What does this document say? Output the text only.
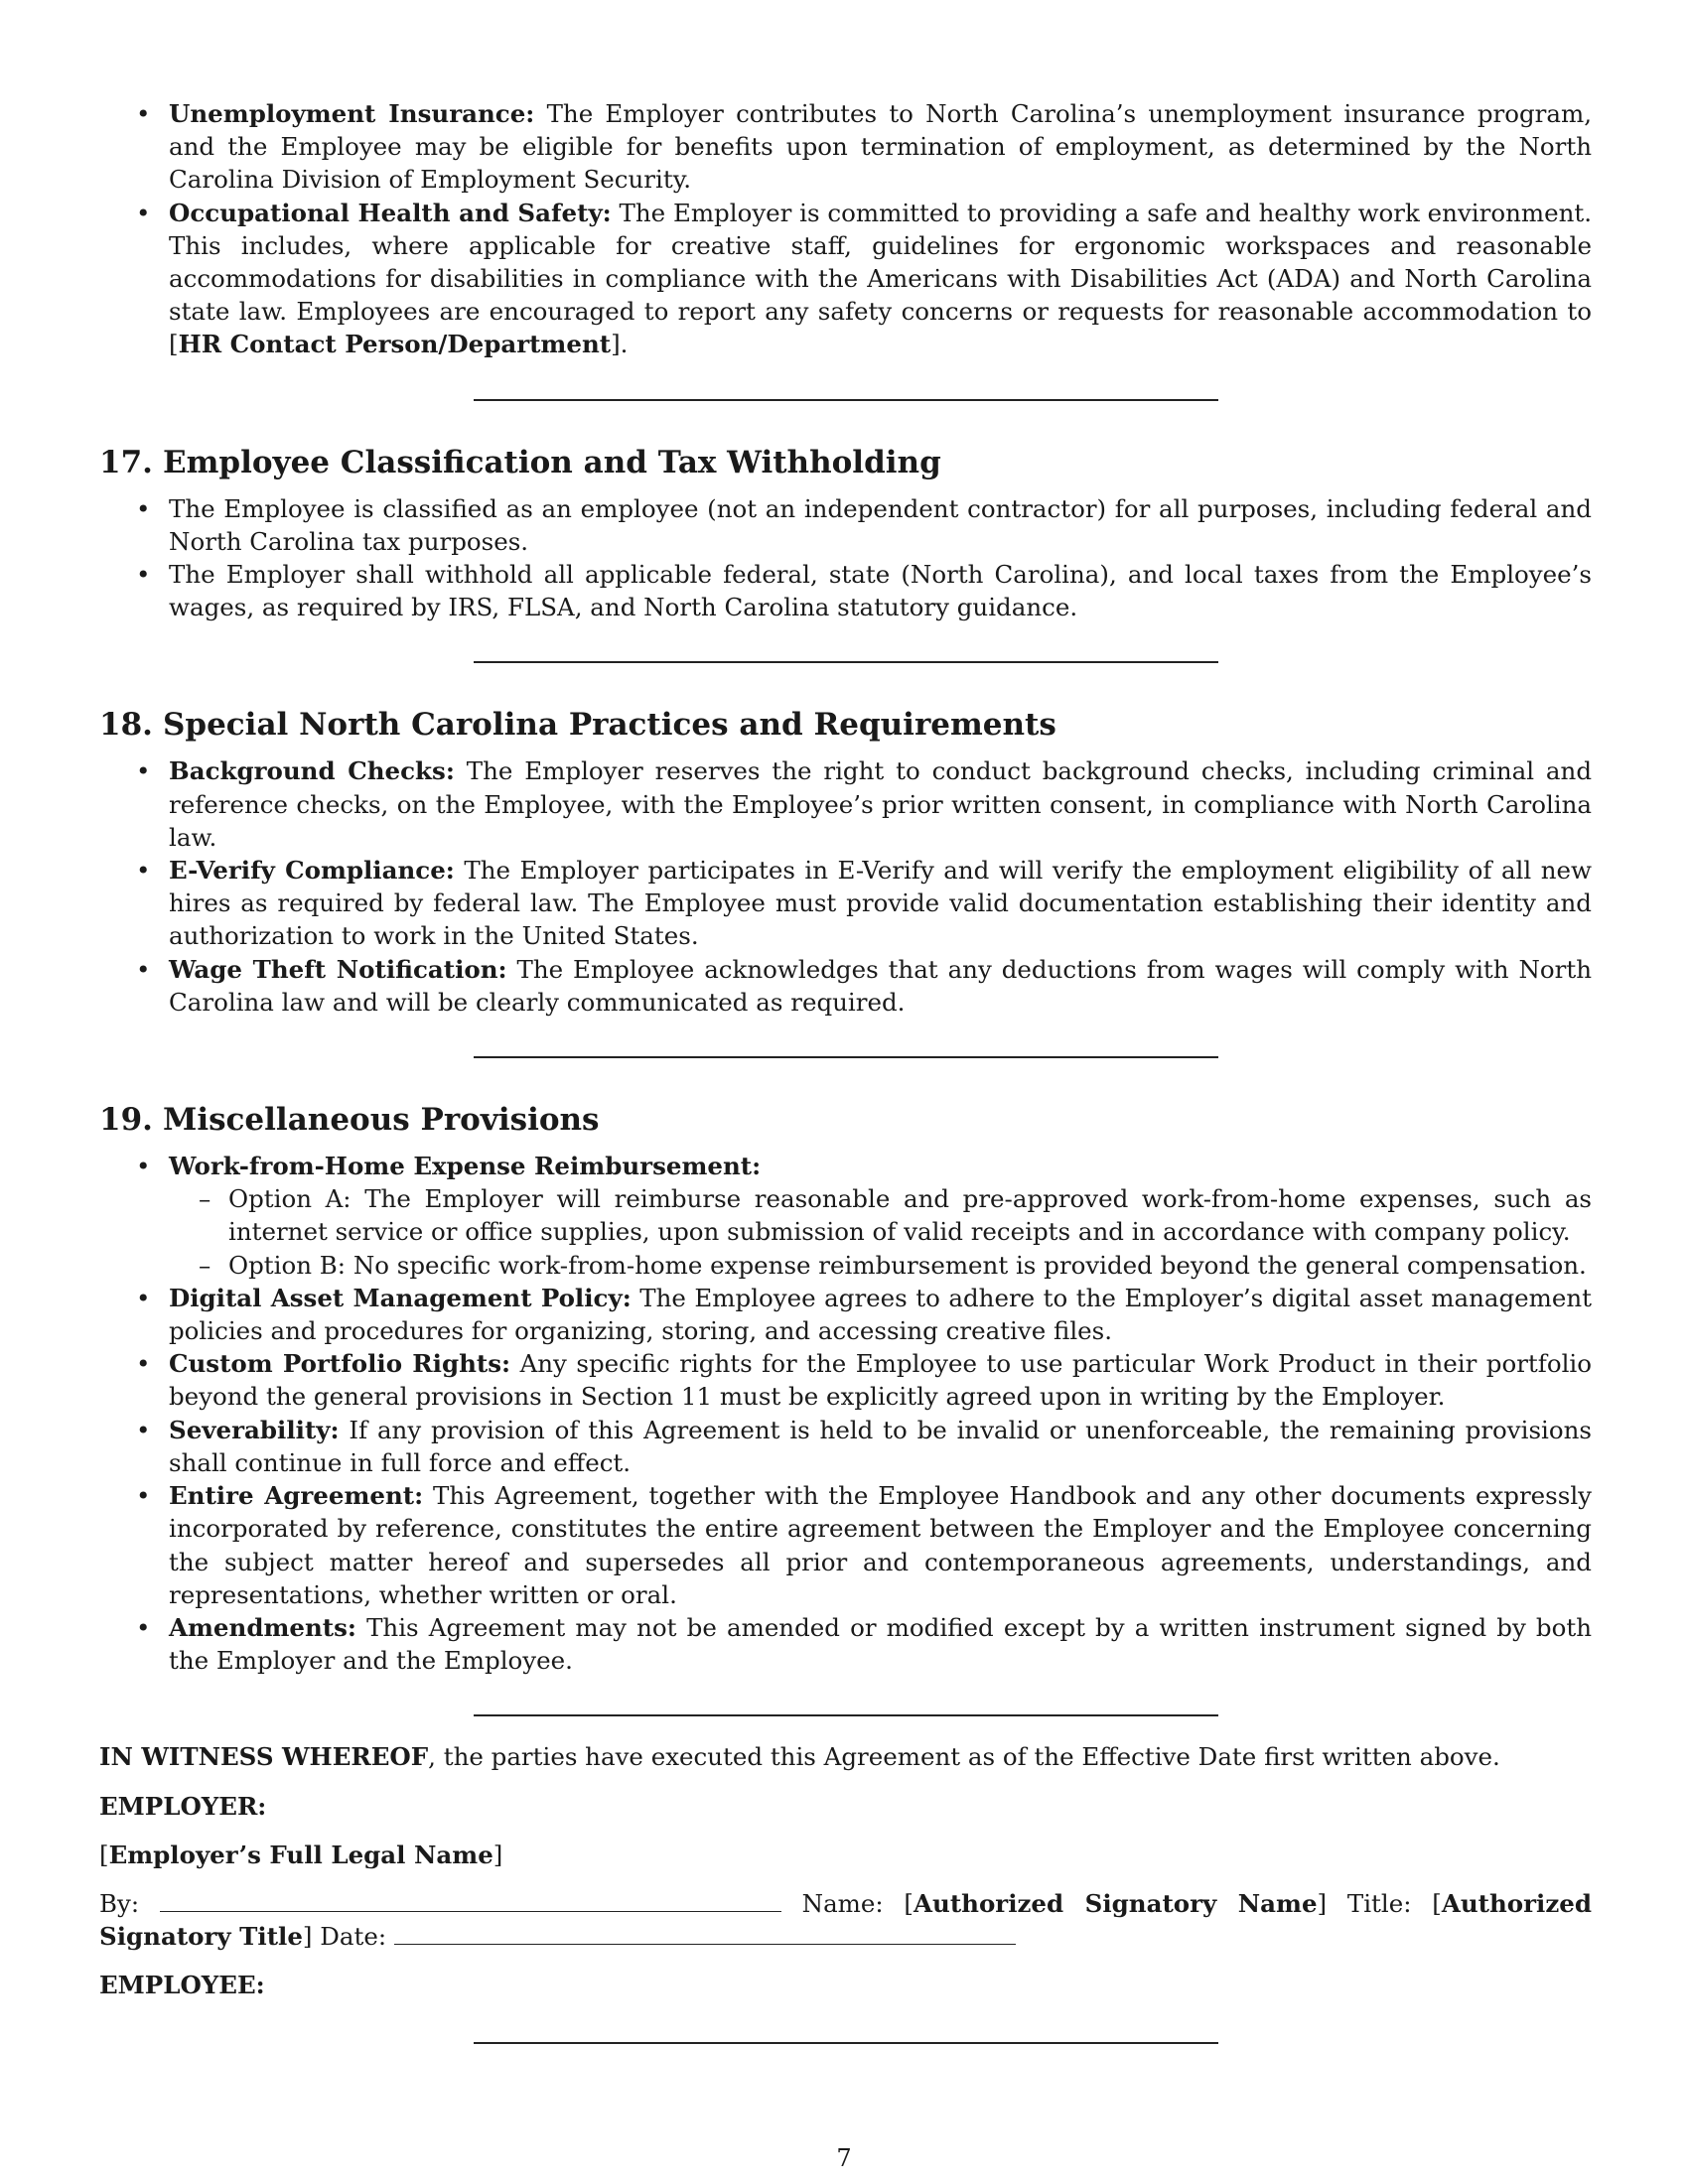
• Unemployment Insurance: The Employer contributes to North Carolina’s unemployment insurance program, and the Employee may be eligible for benefits upon termination of employment, as determined by the North Carolina Division of Employment Security.
• Occupational Health and Safety: The Employer is committed to providing a safe and healthy work environment. This includes, where applicable for creative staff, guidelines for ergonomic workspaces and reasonable accommodations for disabilities in compliance with the Americans with Disabilities Act (ADA) and North Carolina state law. Employees are encouraged to report any safety concerns or requests for reasonable accommodation to [HR Contact Person/Department].
17. Employee Classification and Tax Withholding
• The Employee is classified as an employee (not an independent contractor) for all purposes, including federal and North Carolina tax purposes.
• The Employer shall withhold all applicable federal, state (North Carolina), and local taxes from the Employee’s wages, as required by IRS, FLSA, and North Carolina statutory guidance.
18. Special North Carolina Practices and Requirements
• Background Checks: The Employer reserves the right to conduct background checks, including criminal and reference checks, on the Employee, with the Employee’s prior written consent, in compliance with North Carolina law.
• E-Verify Compliance: The Employer participates in E-Verify and will verify the employment eligibility of all new hires as required by federal law. The Employee must provide valid documentation establishing their identity and authorization to work in the United States.
• Wage Theft Notification: The Employee acknowledges that any deductions from wages will comply with North Carolina law and will be clearly communicated as required.
19. Miscellaneous Provisions
• Work-from-Home Expense Reimbursement:
– Option A: The Employer will reimburse reasonable and pre-approved work-from-home expenses, such as internet service or office supplies, upon submission of valid receipts and in accordance with company policy.
– Option B: No specific work-from-home expense reimbursement is provided beyond the general compensation.
• Digital Asset Management Policy: The Employee agrees to adhere to the Employer’s digital asset management policies and procedures for organizing, storing, and accessing creative files.
• Custom Portfolio Rights: Any specific rights for the Employee to use particular Work Product in their portfolio beyond the general provisions in Section 11 must be explicitly agreed upon in writing by the Employer.
• Severability: If any provision of this Agreement is held to be invalid or unenforceable, the remaining provisions shall continue in full force and effect.
• Entire Agreement: This Agreement, together with the Employee Handbook and any other documents expressly incorporated by reference, constitutes the entire agreement between the Employer and the Employee concerning the subject matter hereof and supersedes all prior and contemporaneous agreements, understandings, and representations, whether written or oral.
• Amendments: This Agreement may not be amended or modified except by a written instrument signed by both the Employer and the Employee.

IN WITNESS WHEREOF, the parties have executed this Agreement as of the Effective Date first written above.

EMPLOYER:

[Employer’s Full Legal Name]

By:	Name: [Authorized Signatory Name] Title: [Authorized Signatory Title] Date:

EMPLOYEE:

7
